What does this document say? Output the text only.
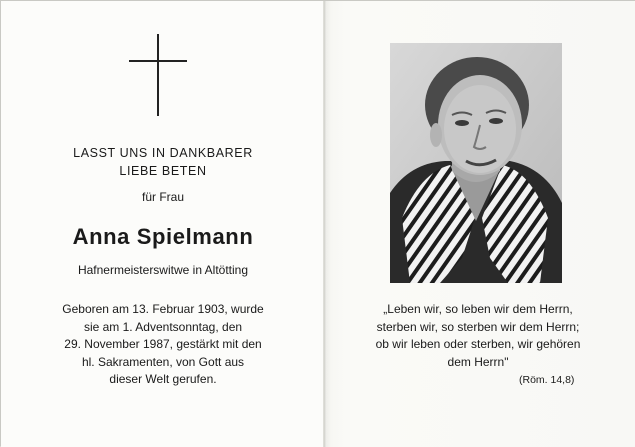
LASST UNS IN DANKBARER
LIEBE BETEN
für Frau
Anna Spielmann
Hafnermeisterswitwe in Altötting
Geboren am 13. Februar 1903, wurde
sie am 1. Adventsonntag, den
29. November 1987, gestärkt mit den
hl. Sakramenten, von Gott aus
dieser Welt gerufen.
„Leben wir, so leben wir dem Herrn,
sterben wir, so sterben wir dem Herrn;
ob wir leben oder sterben, wir gehören
dem Herrn"
(Röm. 14,8)
